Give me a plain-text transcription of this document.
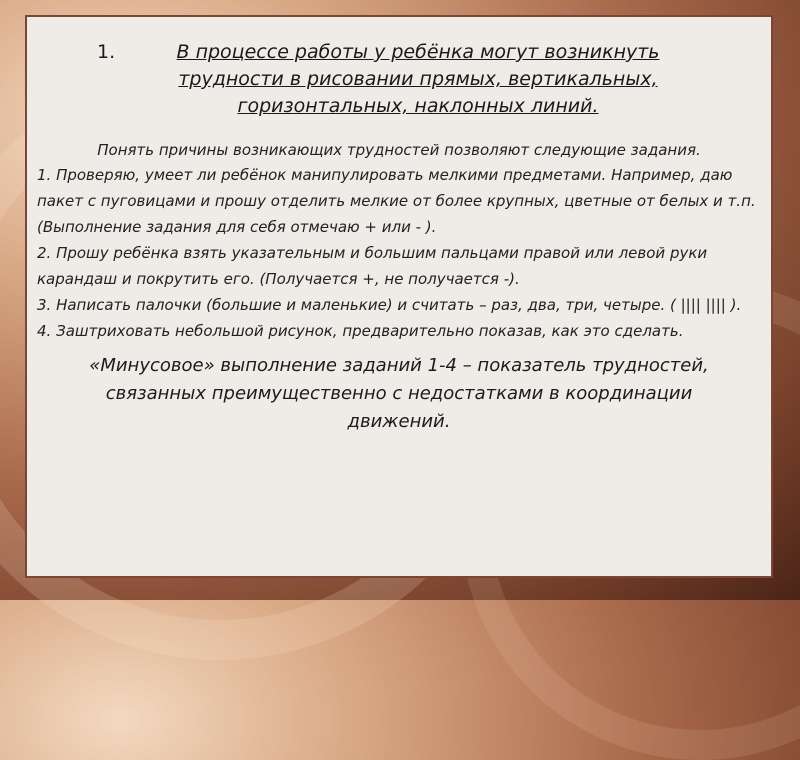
1.	В процессе работы у ребёнка могут возникнуть трудности в рисовании прямых, вертикальных, горизонтальных, наклонных линий.
Понять причины возникающих трудностей позволяют следующие задания.

1. Проверяю, умеет ли ребёнок манипулировать мелкими предметами. Например, даю пакет с пуговицами и прошу отделить мелкие от более крупных, цветные от белых и т.п. (Выполнение задания для себя отмечаю + или - ).

2. Прошу ребёнка взять указательным и большим пальцами правой или левой руки карандаш и покрутить его. (Получается +, не получается -).

3. Написать палочки (большие и маленькие) и считать – раз, два, три, четыре. ( |||| |||| ).

4. Заштриховать небольшой рисунок, предварительно показав, как это сделать.

«Минусовое» выполнение заданий 1-4 – показатель трудностей, связанных преимущественно с недостатками в координации движений.
